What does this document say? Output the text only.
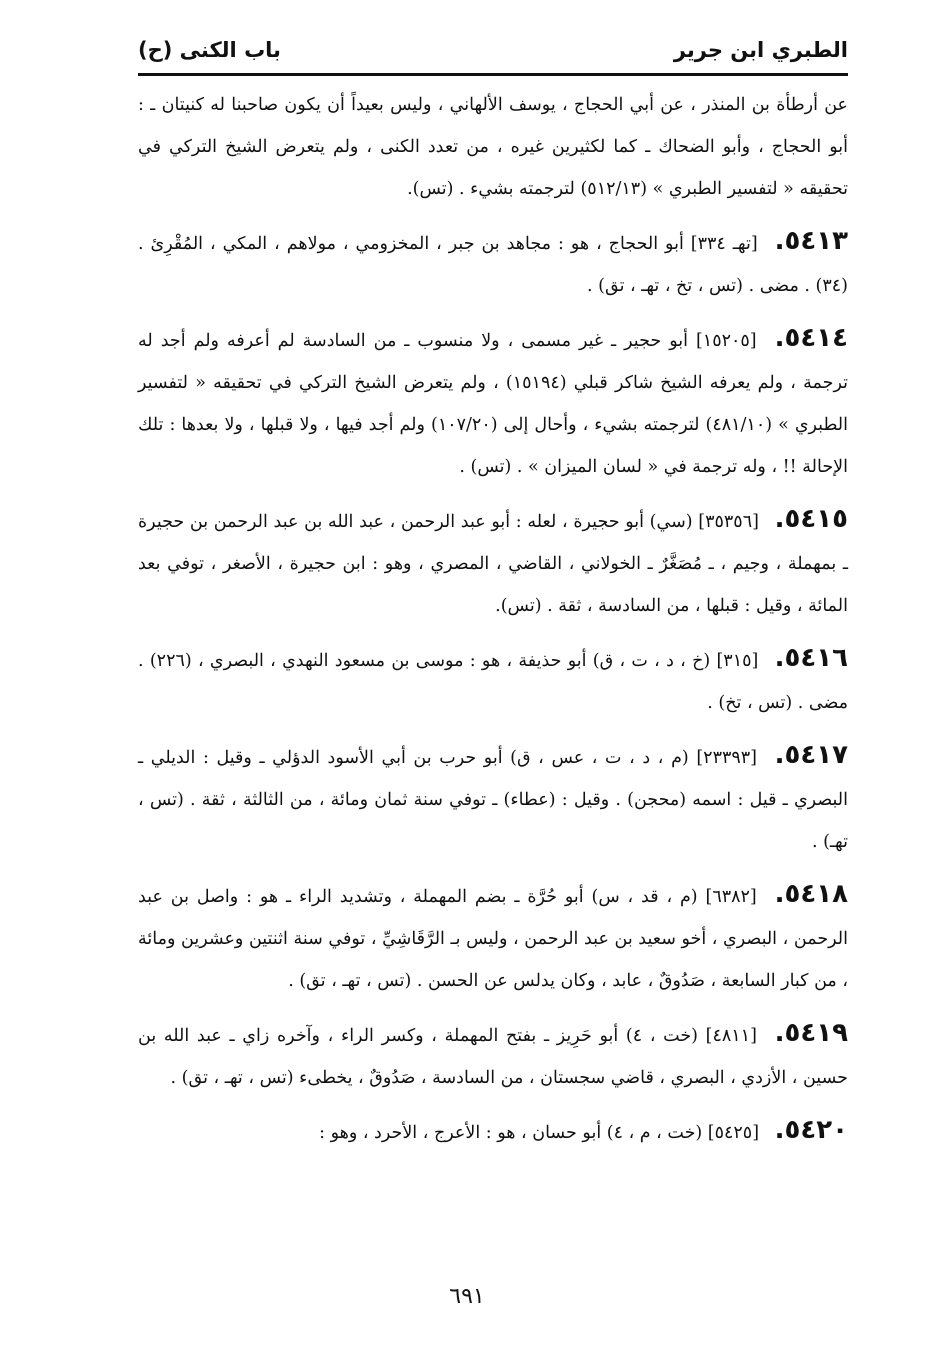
الطبري ابن جرير
باب الكنى (ح)

عن أرطأة بن المنذر ، عن أبي الحجاج ، يوسف الألهاني ، وليس بعيداً أن يكون صاحبنا له كنيتان ـ : أبو الحجاج ، وأبو الضحاك ـ كما لكثيرين غيره ، من تعدد الكنى ، ولم يتعرض الشيخ التركي في تحقيقه « لتفسير الطبري » (٥١٢/١٣) لترجمته بشيء . (تس).

٥٤١٣. [تهـ ٣٣٤] أبو الحجاج ، هو : مجاهد بن جبر ، المخزومي ، مولاهم ، المكي ، المُقْرِئ . (٣٤) . مضى . (تس ، تخ ، تهـ ، تق) .

٥٤١٤. [١٥٢٠٥] أبو حجير ـ غير مسمى ، ولا منسوب ـ من السادسة لم أعرفه ولم أجد له ترجمة ، ولم يعرفه الشيخ شاكر قبلي (١٥١٩٤) ، ولم يتعرض الشيخ التركي في تحقيقه « لتفسير الطبري » (٤٨١/١٠) لترجمته بشيء ، وأحال إلى (١٠٧/٢٠) ولم أجد فيها ، ولا قبلها ، ولا بعدها : تلك الإحالة !! ، وله ترجمة في « لسان الميزان » . (تس) .

٥٤١٥. [٣٥٣٥٦] (سي) أبو حجيرة ، لعله : أبو عبد الرحمن ، عبد الله بن عبد الرحمن بن حجيرة ـ بمهملة ، وجيم ، ـ مُصَغَّرٌ ـ الخولاني ، القاضي ، المصري ، وهو : ابن حجيرة ، الأصغر ، توفي بعد المائة ، وقيل : قبلها ، من السادسة ، ثقة . (تس).

٥٤١٦. [٣١٥] (خ ، د ، ت ، ق) أبو حذيفة ، هو : موسى بن مسعود النهدي ، البصري ، (٢٢٦) . مضى . (تس ، تخ) .

٥٤١٧. [٢٣٣٩٣] (م ، د ، ت ، عس ، ق) أبو حرب بن أبي الأسود الدؤلي ـ وقيل : الديلي ـ البصري ـ قيل : اسمه (محجن) . وقيل : (عطاء) ـ توفي سنة ثمان ومائة ، من الثالثة ، ثقة . (تس ، تهـ) .

٥٤١٨. [٦٣٨٢] (م ، قد ، س) أبو حُرَّة ـ بضم المهملة ، وتشديد الراء ـ هو : واصل بن عبد الرحمن ، البصري ، أخو سعيد بن عبد الرحمن ، وليس بـ الرَّقَاشِيِّ ، توفي سنة اثنتين وعشرين ومائة ، من كبار السابعة ، صَدُوقٌ ، عابد ، وكان يدلس عن الحسن . (تس ، تهـ ، تق) .

٥٤١٩. [٤٨١١] (خت ، ٤) أبو حَرِيز ـ بفتح المهملة ، وكسر الراء ، وآخره زاي ـ عبد الله بن حسين ، الأزدي ، البصري ، قاضي سجستان ، من السادسة ، صَدُوقٌ ، يخطىء (تس ، تهـ ، تق) .

٥٤٢٠. [٥٤٢٥] (خت ، م ، ٤) أبو حسان ، هو : الأعرج ، الأحرد ، وهو :

٦٩١
